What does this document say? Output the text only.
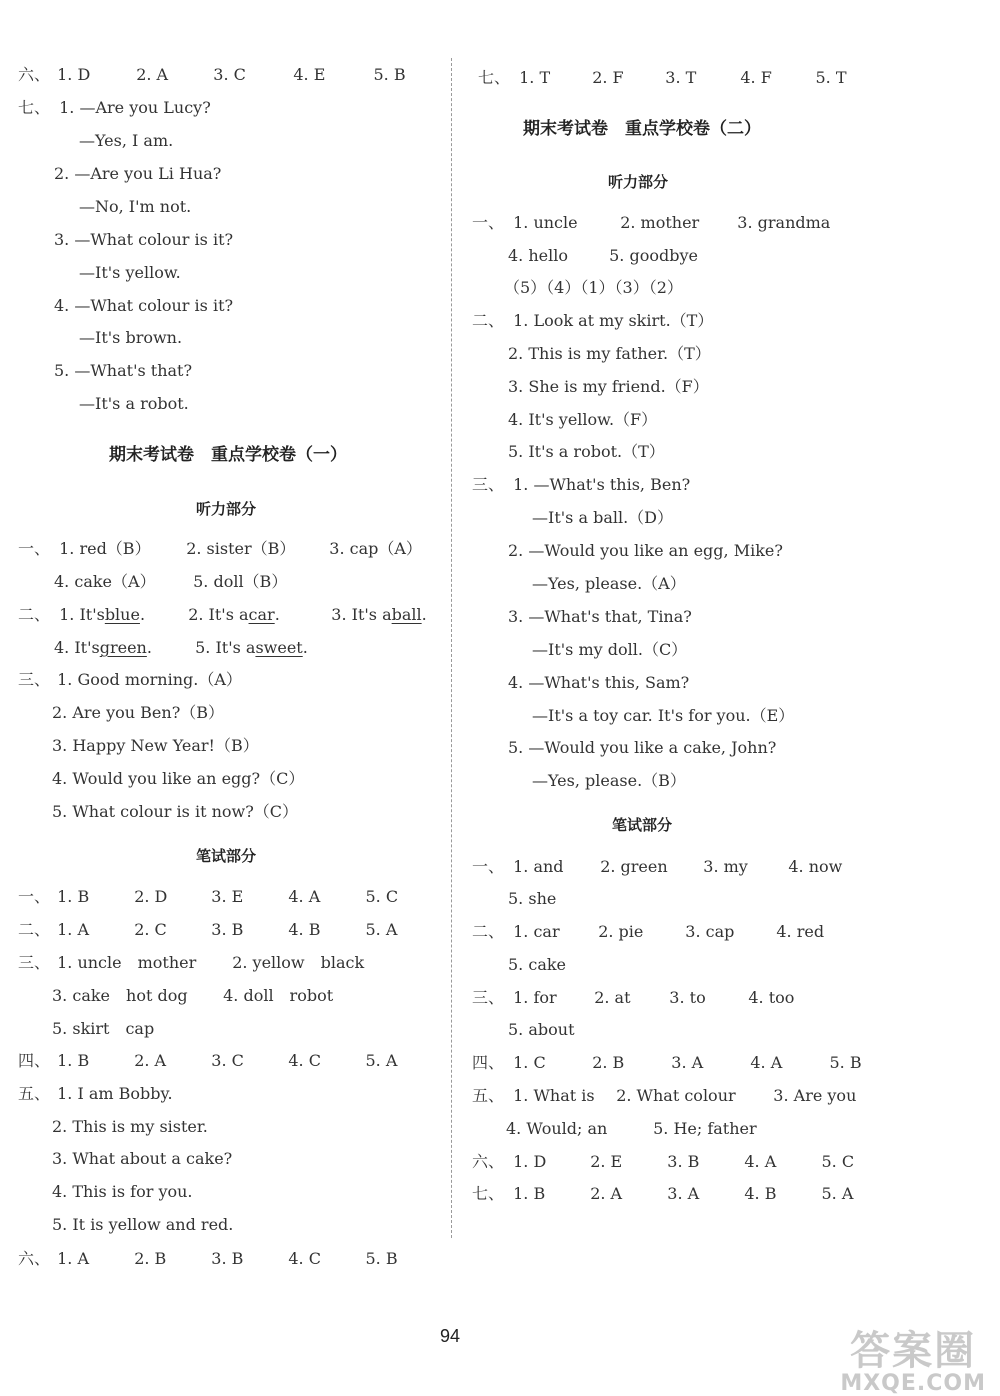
六、 1. D	2. A	3. C	4. E	5. B
七、 1. —Are you Lucy?
—Yes, I am.
2. —Are you Li Hua?
—No, I'm not.
3. —What colour is it?
—It's yellow.
4. —What colour is it?
—It's brown.
5. —What's that?
—It's a robot.
期末考试卷　重点学校卷（一）
听力部分
一、 1. red（B） 2. sister（B） 3. cap（A）
4. cake（A） 5. doll（B）
二、 1. It'sblue.	2. It's acar.	3. It's aball.
4. It'sgreen.	5. It's asweet.
三、 1. Good morning.（A）
2. Are you Ben?（B）
3. Happy New Year!（B）
4. Would you like an egg?（C）
5. What colour is it now?（C）
笔试部分
一、 1. B	2. D	3. E	4. A	5. C
二、 1. A	2. C	3. B	4. B	5. A
三、 1. uncle　mother 2. yellow　black
3. cake　hot dog 4. doll　robot
5. skirt　cap
四、 1. B	2. A	3. C	4. C	5. A
五、 1. I am Bobby.
2. This is my sister.
3. What about a cake?
4. This is for you.
5. It is yellow and red.
六、 1. A	2. B	3. B	4. C	5. B
七、 1. T	2. F	3. T	4. F	5. T
期末考试卷　重点学校卷（二）
听力部分
一、 1. uncle	2. mother 3. grandma
4. hello	5. goodbye
（5）（4）（1）（3）（2）
二、 1. Look at my skirt.（T）
2. This is my father.（T）
3. She is my friend.（F）
4. It's yellow.（F）
5. It's a robot.（T）
三、 1. —What's this, Ben?
—It's a ball.（D）
2. —Would you like an egg, Mike?
—Yes, please.（A）
3. —What's that, Tina?
—It's my doll.（C）
4. —What's this, Sam?
—It's a toy car. It's for you.（E）
5. —Would you like a cake, John?
—Yes, please.（B）
笔试部分
一、 1. and 2. green 3. my	4. now
5. she
二、 1. car 2. pie	3. cap	4. red
5. cake
三、 1. for 2. at 3. to	4. too
5. about
四、 1. C	2. B	3. A	4. A	5. B
五、 1. What is 2. What colour 3. Are you
4. Would; an	5. He; father
六、 1. D	2. E	3. B	4. A	5. C
七、 1. B	2. A	3. A	4. B	5. A
94	答案圈
MXQE.COM
